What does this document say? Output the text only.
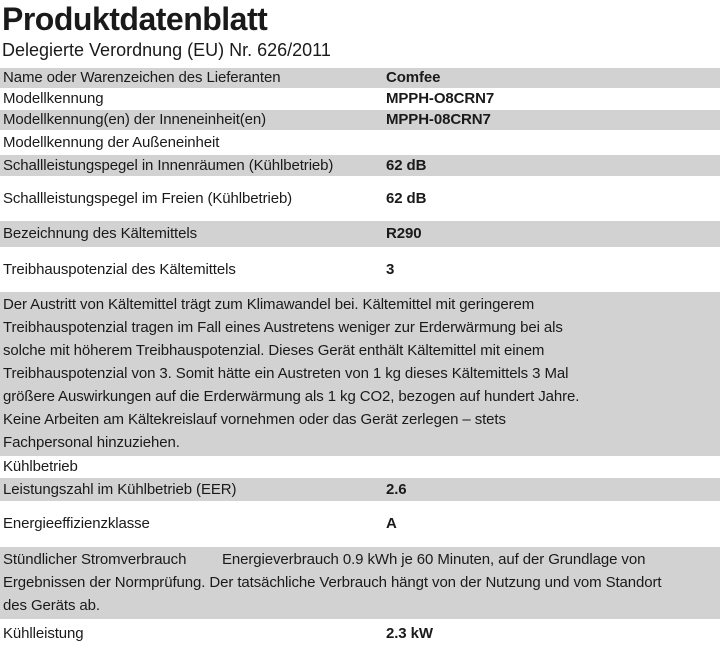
Produktdatenblatt
Delegierte Verordnung (EU) Nr. 626/2011
Name oder Warenzeichen des Lieferanten	Comfee
Modellkennung	MPPH-O8CRN7
Modellkennung(en) der Inneneinheit(en)	MPPH-08CRN7
Modellkennung der Außeneinheit
Schallleistungspegel in Innenräumen (Kühlbetrieb)	62 dB
Schallleistungspegel im Freien (Kühlbetrieb)	62 dB
Bezeichnung des Kältemittels	R290
Treibhauspotenzial des Kältemittels	3
Der Austritt von Kältemittel trägt zum Klimawandel bei. Kältemittel mit geringerem
Treibhauspotenzial tragen im Fall eines Austretens weniger zur Erderwärmung bei als
solche mit höherem Treibhauspotenzial. Dieses Gerät enthält Kältemittel mit einem
Treibhauspotenzial von 3. Somit hätte ein Austreten von 1 kg dieses Kältemittels 3 Mal
größere Auswirkungen auf die Erderwärmung als 1 kg CO2, bezogen auf hundert Jahre.
Keine Arbeiten am Kältekreislauf vornehmen oder das Gerät zerlegen – stets
Fachpersonal hinzuziehen.
Kühlbetrieb
Leistungszahl im Kühlbetrieb (EER)	2.6
Energieeffizienzklasse	A
Stündlicher Stromverbrauch Energieverbrauch 0.9 kWh je 60 Minuten, auf der Grundlage von
Ergebnissen der Normprüfung. Der tatsächliche Verbrauch hängt von der Nutzung und vom Standort
des Geräts ab.
Kühlleistung	2.3 kW
